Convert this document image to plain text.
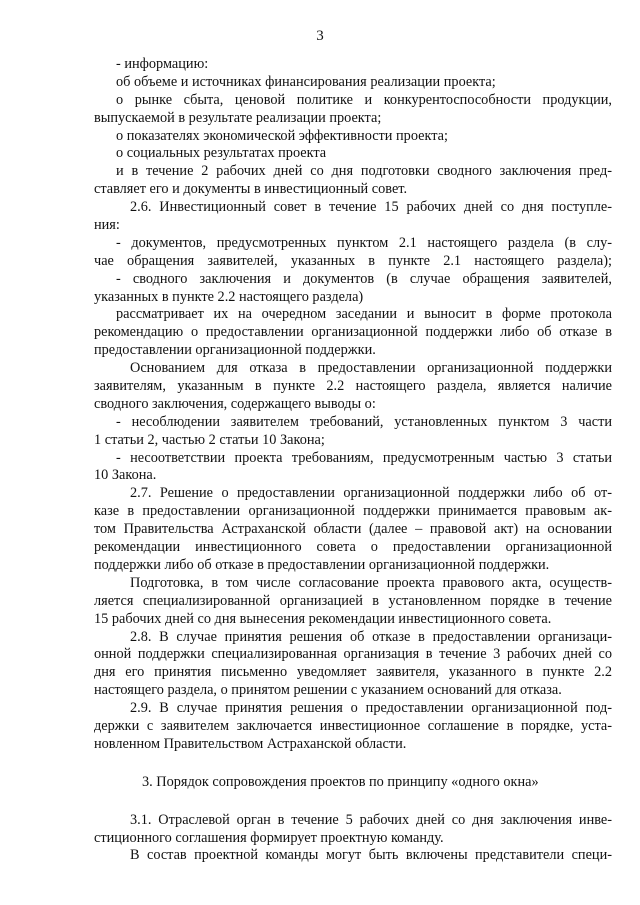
3
- информацию:
об объеме и источниках финансирования реализации проекта;
о рынке сбыта, ценовой политике и конкурентоспособности продукции,
выпускаемой в результате реализации проекта;
о показателях экономической эффективности проекта;
о социальных результатах проекта
и в течение 2 рабочих дней со дня подготовки сводного заключения пред-
ставляет его и документы в инвестиционный совет.
2.6. Инвестиционный совет в течение 15 рабочих дней со дня поступле-
ния:
- документов, предусмотренных пунктом 2.1 настоящего раздела (в слу-
чае обращения заявителей, указанных в пункте 2.1 настоящего раздела);
- сводного заключения и документов (в случае обращения заявителей,
указанных в пункте 2.2 настоящего раздела)
рассматривает их на очередном заседании и выносит в форме протокола
рекомендацию о предоставлении организационной поддержки либо об отказе в
предоставлении организационной поддержки.
Основанием для отказа в предоставлении организационной поддержки
заявителям, указанным в пункте 2.2 настоящего раздела, является наличие
сводного заключения, содержащего выводы о:
- несоблюдении заявителем требований, установленных пунктом 3 части
1 статьи 2, частью 2 статьи 10 Закона;
- несоответствии проекта требованиям, предусмотренным частью 3 статьи
10 Закона.
2.7. Решение о предоставлении организационной поддержки либо об от-
казе в предоставлении организационной поддержки принимается правовым ак-
том Правительства Астраханской области (далее – правовой акт) на основании
рекомендации инвестиционного совета о предоставлении организационной
поддержки либо об отказе в предоставлении организационной поддержки.
Подготовка, в том числе согласование проекта правового акта, осуществ-
ляется специализированной организацией в установленном порядке в течение
15 рабочих дней со дня вынесения рекомендации инвестиционного совета.
2.8. В случае принятия решения об отказе в предоставлении организаци-
онной поддержки специализированная организация в течение 3 рабочих дней со
дня его принятия письменно уведомляет заявителя, указанного в пункте 2.2
настоящего раздела, о принятом решении с указанием оснований для отказа.
2.9. В случае принятия решения о предоставлении организационной под-
держки с заявителем заключается инвестиционное соглашение в порядке, уста-
новленном Правительством Астраханской области.
3. Порядок сопровождения проектов по принципу «одного окна»
3.1. Отраслевой орган в течение 5 рабочих дней со дня заключения инве-
стиционного соглашения формирует проектную команду.
В состав проектной команды могут быть включены представители специ-
